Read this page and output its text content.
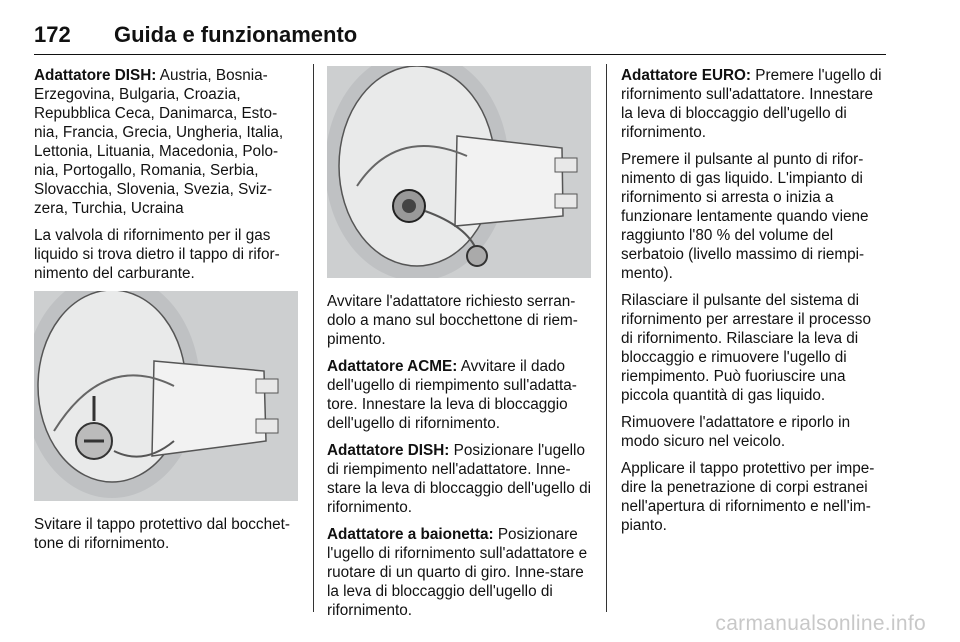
172 Guida e funzionamento

Adattatore DISH: Austria, Bosnia-Erzegovina, Bulgaria, Croazia, Repubblica Ceca, Danimarca, Esto-nia, Francia, Grecia, Ungheria, Italia, Lettonia, Lituania, Macedonia, Polo-nia, Portogallo, Romania, Serbia, Slovacchia, Slovenia, Svezia, Sviz-zera, Turchia, Ucraina

La valvola di rifornimento per il gas liquido si trova dietro il tappo di rifor-nimento del carburante.

Svitare il tappo protettivo dal bocchet-tone di rifornimento.

Avvitare l'adattatore richiesto serran-dolo a mano sul bocchettone di riem-pimento.

Adattatore ACME: Avvitare il dado dell'ugello di riempimento sull'adatta-tore. Innestare la leva di bloccaggio dell'ugello di rifornimento.

Adattatore DISH: Posizionare l'ugello di riempimento nell'adattatore. Inne-stare la leva di bloccaggio dell'ugello di rifornimento.

Adattatore a baionetta: Posizionare l'ugello di rifornimento sull'adattatore e ruotare di un quarto di giro. Inne-stare la leva di bloccaggio dell'ugello di rifornimento.

Adattatore EURO: Premere l'ugello di rifornimento sull'adattatore. Innestare la leva di bloccaggio dell'ugello di rifornimento.

Premere il pulsante al punto di rifor-nimento di gas liquido. L'impianto di rifornimento si arresta o inizia a funzionare lentamente quando viene raggiunto l'80 % del volume del serbatoio (livello massimo di riempi-mento).

Rilasciare il pulsante del sistema di rifornimento per arrestare il processo di rifornimento. Rilasciare la leva di bloccaggio e rimuovere l'ugello di riempimento. Può fuoriuscire una piccola quantità di gas liquido.

Rimuovere l'adattatore e riporlo in modo sicuro nel veicolo.

Applicare il tappo protettivo per impe-dire la penetrazione di corpi estranei nell'apertura di rifornimento e nell'im-pianto.

carmanualsonline.info
